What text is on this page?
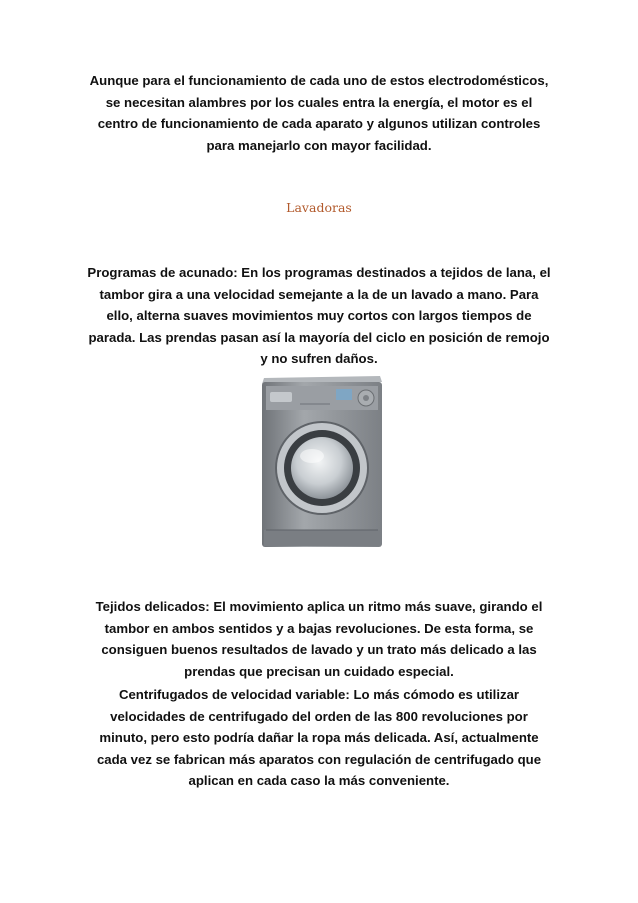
Aunque para el funcionamiento de cada uno de estos electrodomésticos, se necesitan alambres por los cuales entra la energía, el motor es el centro de funcionamiento de cada aparato y algunos utilizan controles para manejarlo con mayor facilidad.

Lavadoras

Programas de acunado: En los programas destinados a tejidos de lana, el tambor gira a una velocidad semejante a la de un lavado a mano. Para ello, alterna suaves movimientos muy cortos con largos tiempos de parada. Las prendas pasan así la mayoría del ciclo en posición de remojo y no sufren daños.

Tejidos delicados: El movimiento aplica un ritmo más suave, girando el tambor en ambos sentidos y a bajas revoluciones. De esta forma, se consiguen buenos resultados de lavado y un trato más delicado a las prendas que precisan un cuidado especial.

Centrifugados de velocidad variable: Lo más cómodo es utilizar velocidades de centrifugado del orden de las 800 revoluciones por minuto, pero esto podría dañar la ropa más delicada. Así, actualmente cada vez se fabrican más aparatos con regulación de centrifugado que aplican en cada caso la más conveniente.
